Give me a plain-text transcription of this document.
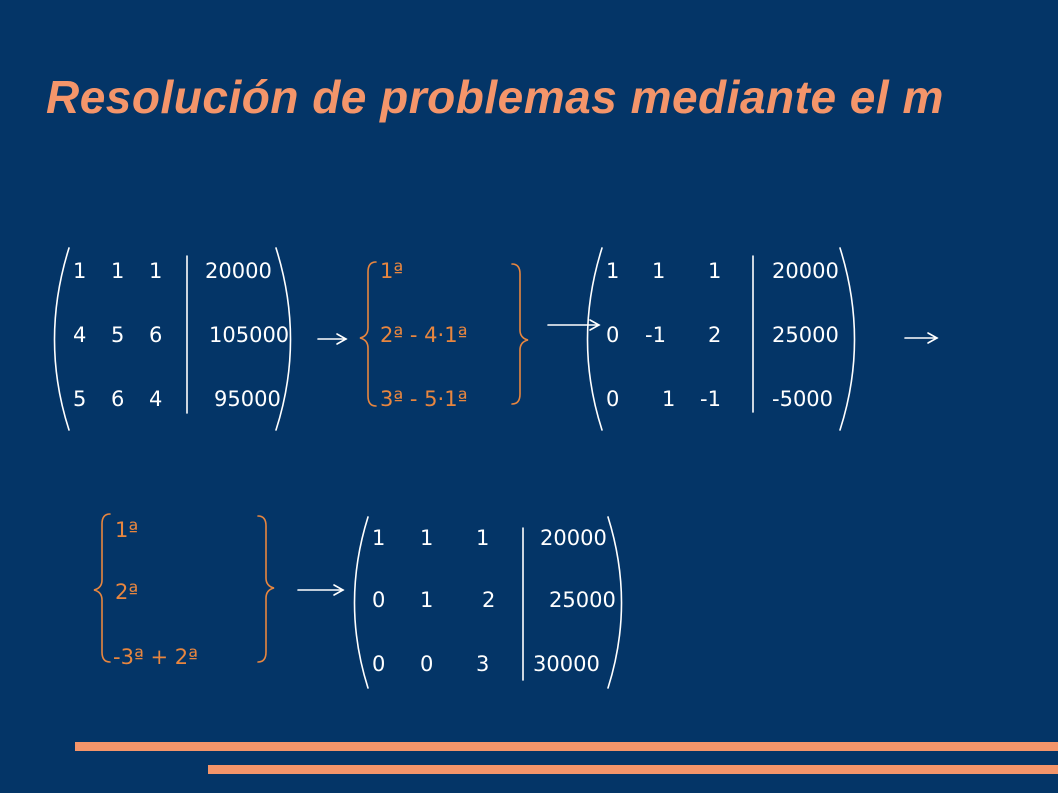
Resolución de problemas mediante el m
1 1 1 20000
4 5 6 105000
5 6 4 95000
1ª
2ª - 4·1ª
3ª - 5·1ª
1 1 1 20000
0 -1 2 25000
0 1 -1 -5000
1ª
2ª
-3ª + 2ª
1 1 1 20000
0 1 2	25000
0 0 3 30000
